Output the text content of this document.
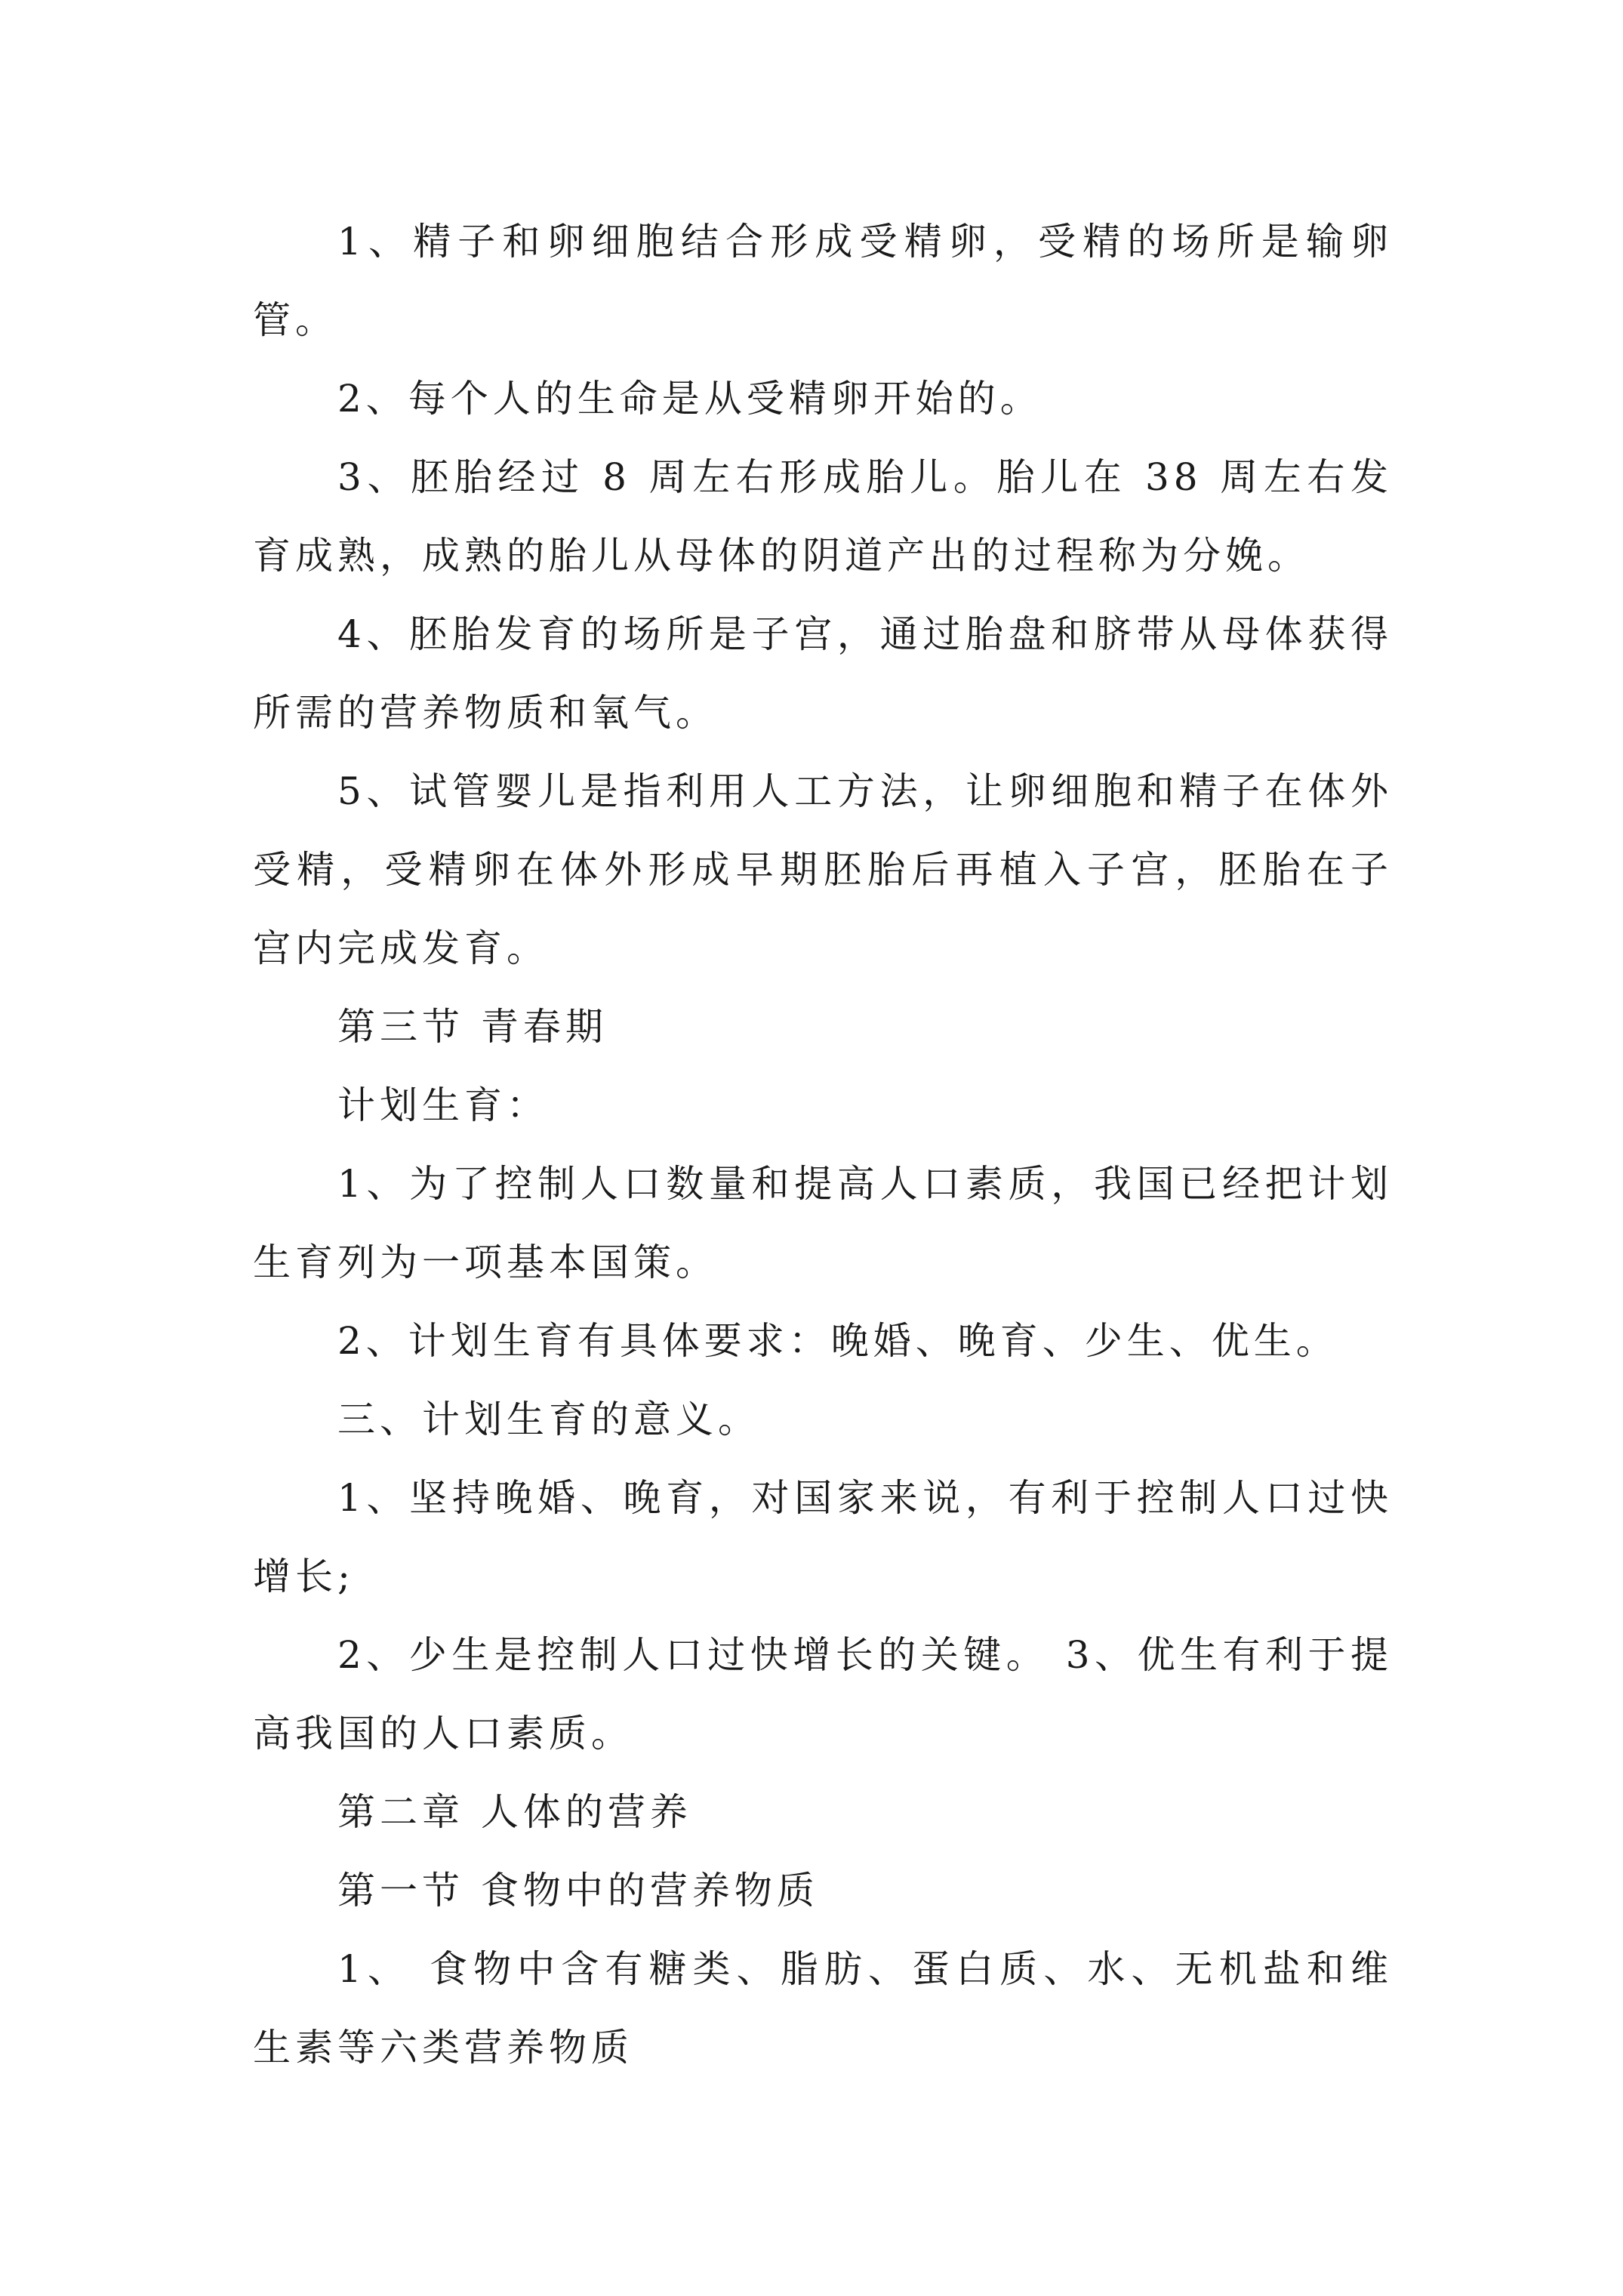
1、精子和卵细胞结合形成受精卵，受精的场所是输卵管。

2、每个人的生命是从受精卵开始的。

3、胚胎经过 8 周左右形成胎儿。胎儿在 38 周左右发育成熟，成熟的胎儿从母体的阴道产出的过程称为分娩。

4、胚胎发育的场所是子宫，通过胎盘和脐带从母体获得所需的营养物质和氧气。

5、试管婴儿是指利用人工方法，让卵细胞和精子在体外受精，受精卵在体外形成早期胚胎后再植入子宫，胚胎在子宫内完成发育。

第三节 青春期

计划生育：

1、为了控制人口数量和提高人口素质，我国已经把计划生育列为一项基本国策。

2、计划生育有具体要求：晚婚、晚育、少生、优生。

三、计划生育的意义。

1、坚持晚婚、晚育，对国家来说，有利于控制人口过快增长;

2、少生是控制人口过快增长的关键。 3、优生有利于提高我国的人口素质。

第二章 人体的营养

第一节 食物中的营养物质

1、 食物中含有糖类、脂肪、蛋白质、水、无机盐和维生素等六类营养物质
